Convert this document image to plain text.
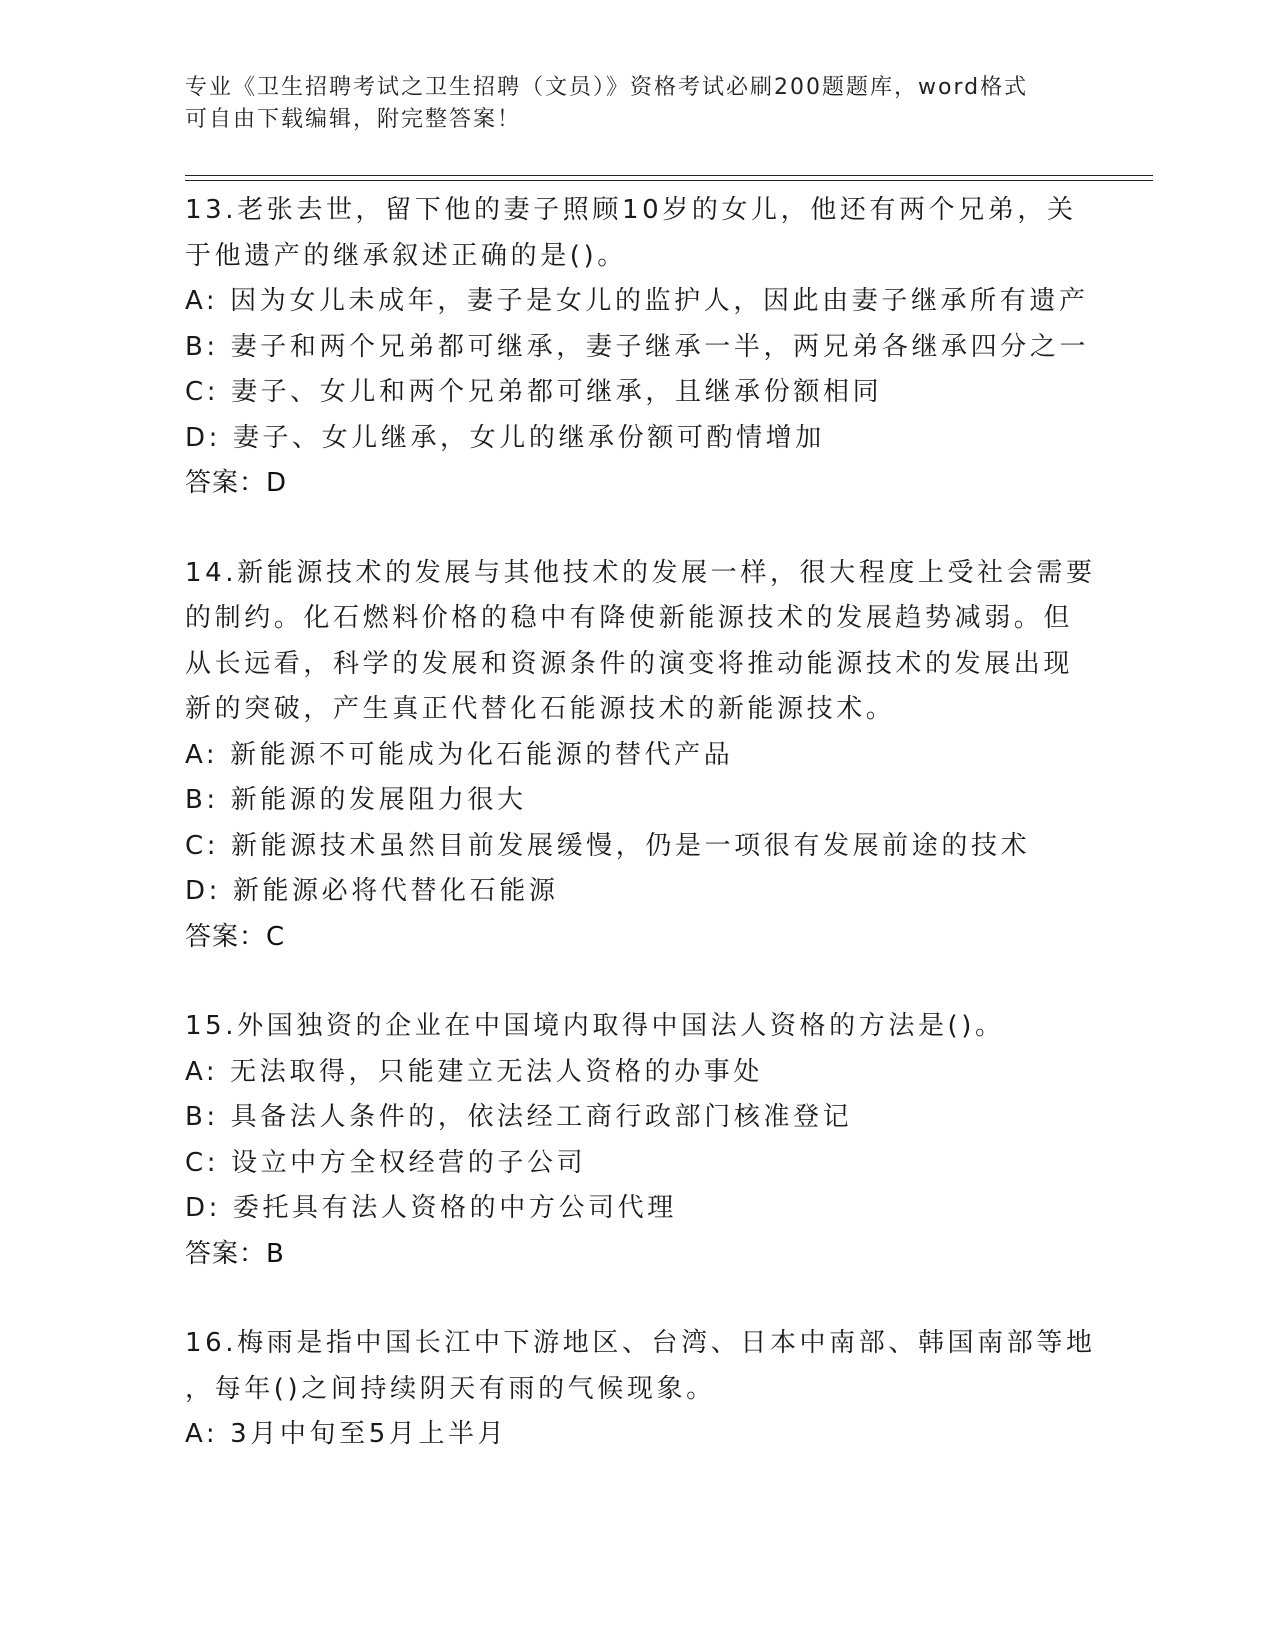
专业《卫生招聘考试之卫生招聘（文员）》资格考试必刷200题题库，word格式
可自由下载编辑，附完整答案！
13.老张去世，留下他的妻子照顾10岁的女儿，他还有两个兄弟，关
于他遗产的继承叙述正确的是()。
A: 因为女儿未成年，妻子是女儿的监护人，因此由妻子继承所有遗产
B: 妻子和两个兄弟都可继承，妻子继承一半，两兄弟各继承四分之一
C: 妻子、女儿和两个兄弟都可继承，且继承份额相同
D: 妻子、女儿继承，女儿的继承份额可酌情增加
答案：D
14.新能源技术的发展与其他技术的发展一样，很大程度上受社会需要
的制约。化石燃料价格的稳中有降使新能源技术的发展趋势减弱。但
从长远看，科学的发展和资源条件的演变将推动能源技术的发展出现
新的突破，产生真正代替化石能源技术的新能源技术。
A: 新能源不可能成为化石能源的替代产品
B: 新能源的发展阻力很大
C: 新能源技术虽然目前发展缓慢，仍是一项很有发展前途的技术
D: 新能源必将代替化石能源
答案：C
15.外国独资的企业在中国境内取得中国法人资格的方法是()。
A: 无法取得，只能建立无法人资格的办事处
B: 具备法人条件的，依法经工商行政部门核准登记
C: 设立中方全权经营的子公司
D: 委托具有法人资格的中方公司代理
答案：B
16.梅雨是指中国长江中下游地区、台湾、日本中南部、韩国南部等地
，每年()之间持续阴天有雨的气候现象。
A: 3月中旬至5月上半月
